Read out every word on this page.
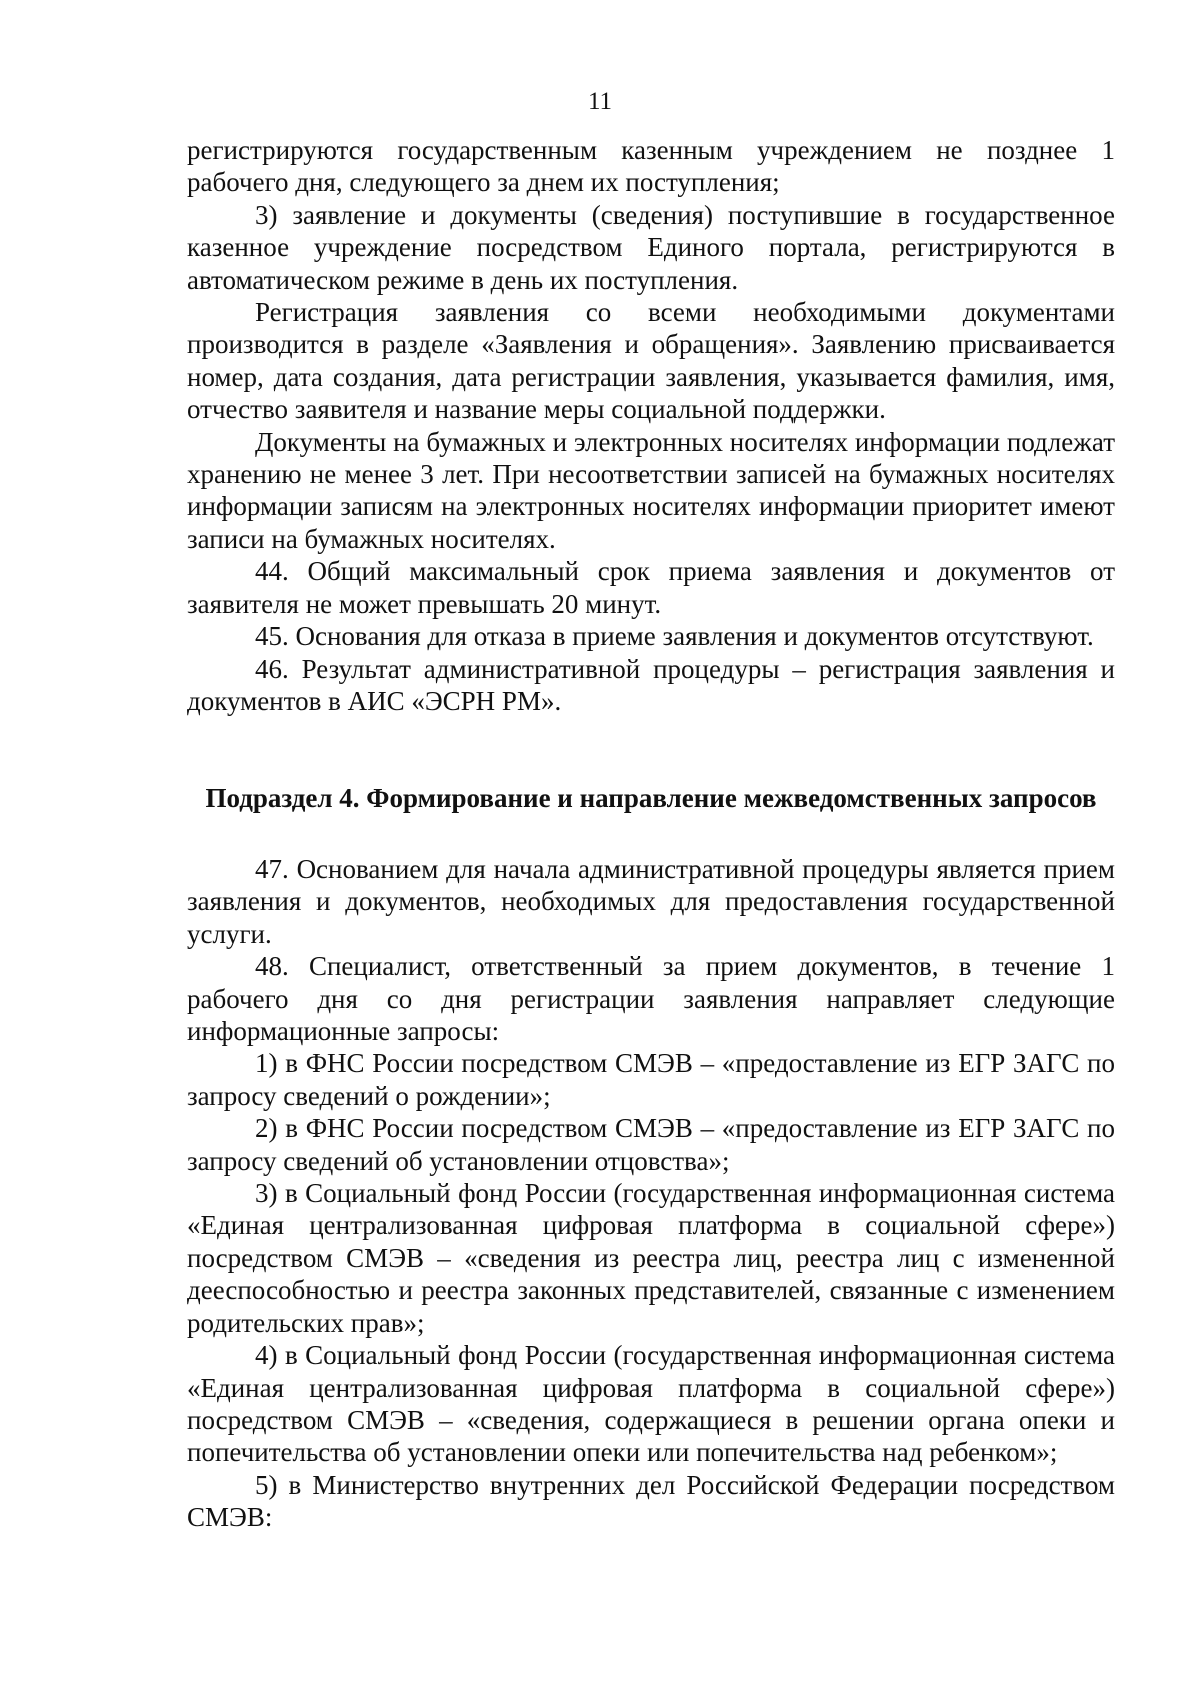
11

регистрируются государственным казенным учреждением не позднее 1 рабочего дня, следующего за днем их поступления;

3) заявление и документы (сведения) поступившие в государственное казенное учреждение посредством Единого портала, регистрируются в автоматическом режиме в день их поступления.

Регистрация заявления со всеми необходимыми документами производится в разделе «Заявления и обращения». Заявлению присваивается номер, дата создания, дата регистрации заявления, указывается фамилия, имя, отчество заявителя и название меры социальной поддержки.

Документы на бумажных и электронных носителях информации подлежат хранению не менее 3 лет. При несоответствии записей на бумажных носителях информации записям на электронных носителях информации приоритет имеют записи на бумажных носителях.

44. Общий максимальный срок приема заявления и документов от заявителя не может превышать 20 минут.

45. Основания для отказа в приеме заявления и документов отсутствуют.

46. Результат административной процедуры – регистрация заявления и документов в АИС «ЭСРН РМ».

Подраздел 4. Формирование и направление межведомственных запросов

47. Основанием для начала административной процедуры является прием заявления и документов, необходимых для предоставления государственной услуги.

48. Специалист, ответственный за прием документов, в течение 1 рабочего дня со дня регистрации заявления направляет следующие информационные запросы:

1) в ФНС России посредством СМЭВ – «предоставление из ЕГР ЗАГС по запросу сведений о рождении»;

2) в ФНС России посредством СМЭВ – «предоставление из ЕГР ЗАГС по запросу сведений об установлении отцовства»;

3) в Социальный фонд России (государственная информационная система «Единая централизованная цифровая платформа в социальной сфере») посредством СМЭВ – «сведения из реестра лиц, реестра лиц с измененной дееспособностью и реестра законных представителей, связанные с изменением родительских прав»;

4) в Социальный фонд России (государственная информационная система «Единая централизованная цифровая платформа в социальной сфере») посредством СМЭВ – «сведения, содержащиеся в решении органа опеки и попечительства об установлении опеки или попечительства над ребенком»;

5) в Министерство внутренних дел Российской Федерации посредством СМЭВ:
